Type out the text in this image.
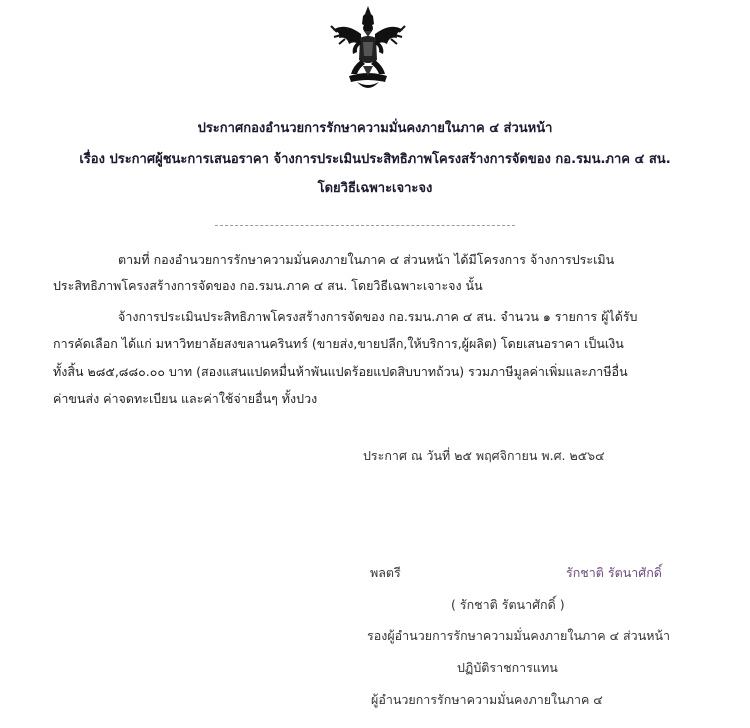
ประกาศกองอำนวยการรักษาความมั่นคงภายในภาค ๔ ส่วนหน้า
เรื่อง ประกาศผู้ชนะการเสนอราคา จ้างการประเมินประสิทธิภาพโครงสร้างการจัดของ กอ.รมน.ภาค ๔ สน.
โดยวิธีเฉพาะเจาะจง
ตามที่ กองอำนวยการรักษาความมั่นคงภายในภาค ๔ ส่วนหน้า ได้มีโครงการ จ้างการประเมิน
ประสิทธิภาพโครงสร้างการจัดของ กอ.รมน.ภาค ๔ สน. โดยวิธีเฉพาะเจาะจง นั้น
จ้างการประเมินประสิทธิภาพโครงสร้างการจัดของ กอ.รมน.ภาค ๔ สน. จำนวน ๑ รายการ ผู้ได้รับ
การคัดเลือก ได้แก่ มหาวิทยาลัยสงขลานครินทร์ (ขายส่ง,ขายปลีก,ให้บริการ,ผู้ผลิต) โดยเสนอราคา เป็นเงิน
ทั้งสิ้น ๒๘๕,๘๘๐.๐๐ บาท (สองแสนแปดหมื่นห้าพันแปดร้อยแปดสิบบาทถ้วน) รวมภาษีมูลค่าเพิ่มและภาษีอื่น
ค่าขนส่ง ค่าจดทะเบียน และค่าใช้จ่ายอื่นๆ ทั้งปวง
ประกาศ ณ วันที่ ๒๕ พฤศจิกายน พ.ศ. ๒๕๖๔
พลตรี	รักชาติ รัตนาศักดิ์
( รักชาติ รัตนาศักดิ์ )
รองผู้อำนวยการรักษาความมั่นคงภายในภาค ๔ ส่วนหน้า
ปฏิบัติราชการแทน
ผู้อำนวยการรักษาความมั่นคงภายในภาค ๔
